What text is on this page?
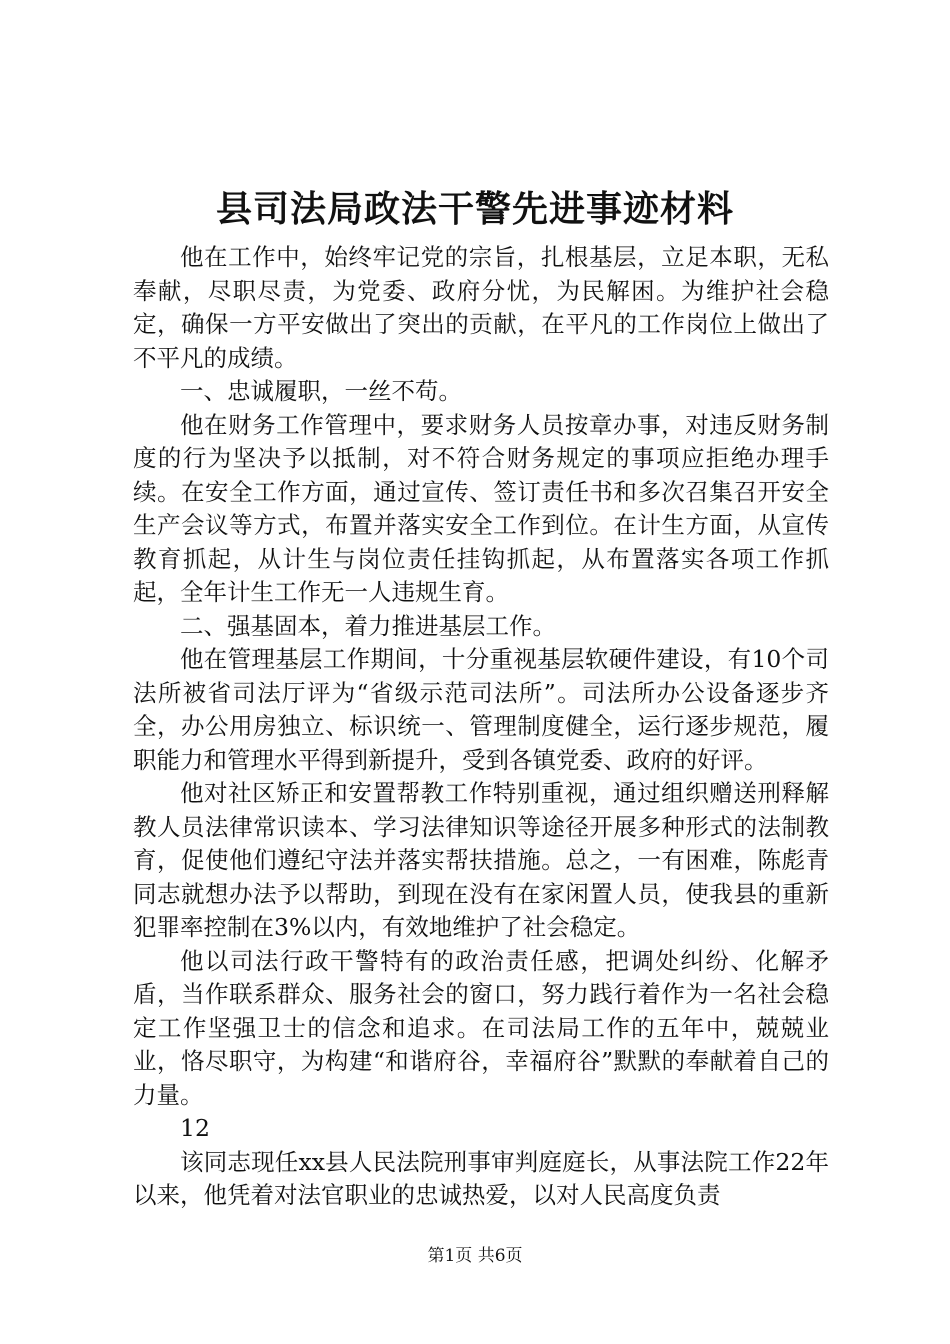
县司法局政法干警先进事迹材料

他在工作中，始终牢记党的宗旨，扎根基层，立足本职，无私奉献，尽职尽责，为党委、政府分忧，为民解困。为维护社会稳定，确保一方平安做出了突出的贡献，在平凡的工作岗位上做出了不平凡的成绩。

一、忠诚履职，一丝不苟。

他在财务工作管理中，要求财务人员按章办事，对违反财务制度的行为坚决予以抵制，对不符合财务规定的事项应拒绝办理手续。在安全工作方面，通过宣传、签订责任书和多次召集召开安全生产会议等方式，布置并落实安全工作到位。在计生方面，从宣传教育抓起，从计生与岗位责任挂钩抓起，从布置落实各项工作抓起，全年计生工作无一人违规生育。

二、强基固本，着力推进基层工作。

他在管理基层工作期间，十分重视基层软硬件建设，有10个司法所被省司法厅评为“省级示范司法所”。司法所办公设备逐步齐全，办公用房独立、标识统一、管理制度健全，运行逐步规范，履职能力和管理水平得到新提升，受到各镇党委、政府的好评。

他对社区矫正和安置帮教工作特别重视，通过组织赠送刑释解教人员法律常识读本、学习法律知识等途径开展多种形式的法制教育，促使他们遵纪守法并落实帮扶措施。总之，一有困难，陈彪青同志就想办法予以帮助，到现在没有在家闲置人员，使我县的重新犯罪率控制在3%以内，有效地维护了社会稳定。

他以司法行政干警特有的政治责任感，把调处纠纷、化解矛盾，当作联系群众、服务社会的窗口，努力践行着作为一名社会稳定工作坚强卫士的信念和追求。在司法局工作的五年中，兢兢业业，恪尽职守，为构建“和谐府谷，幸福府谷”默默的奉献着自己的力量。

12

该同志现任xx县人民法院刑事审判庭庭长，从事法院工作22年以来，他凭着对法官职业的忠诚热爱，以对人民高度负责

第1页 共6页
